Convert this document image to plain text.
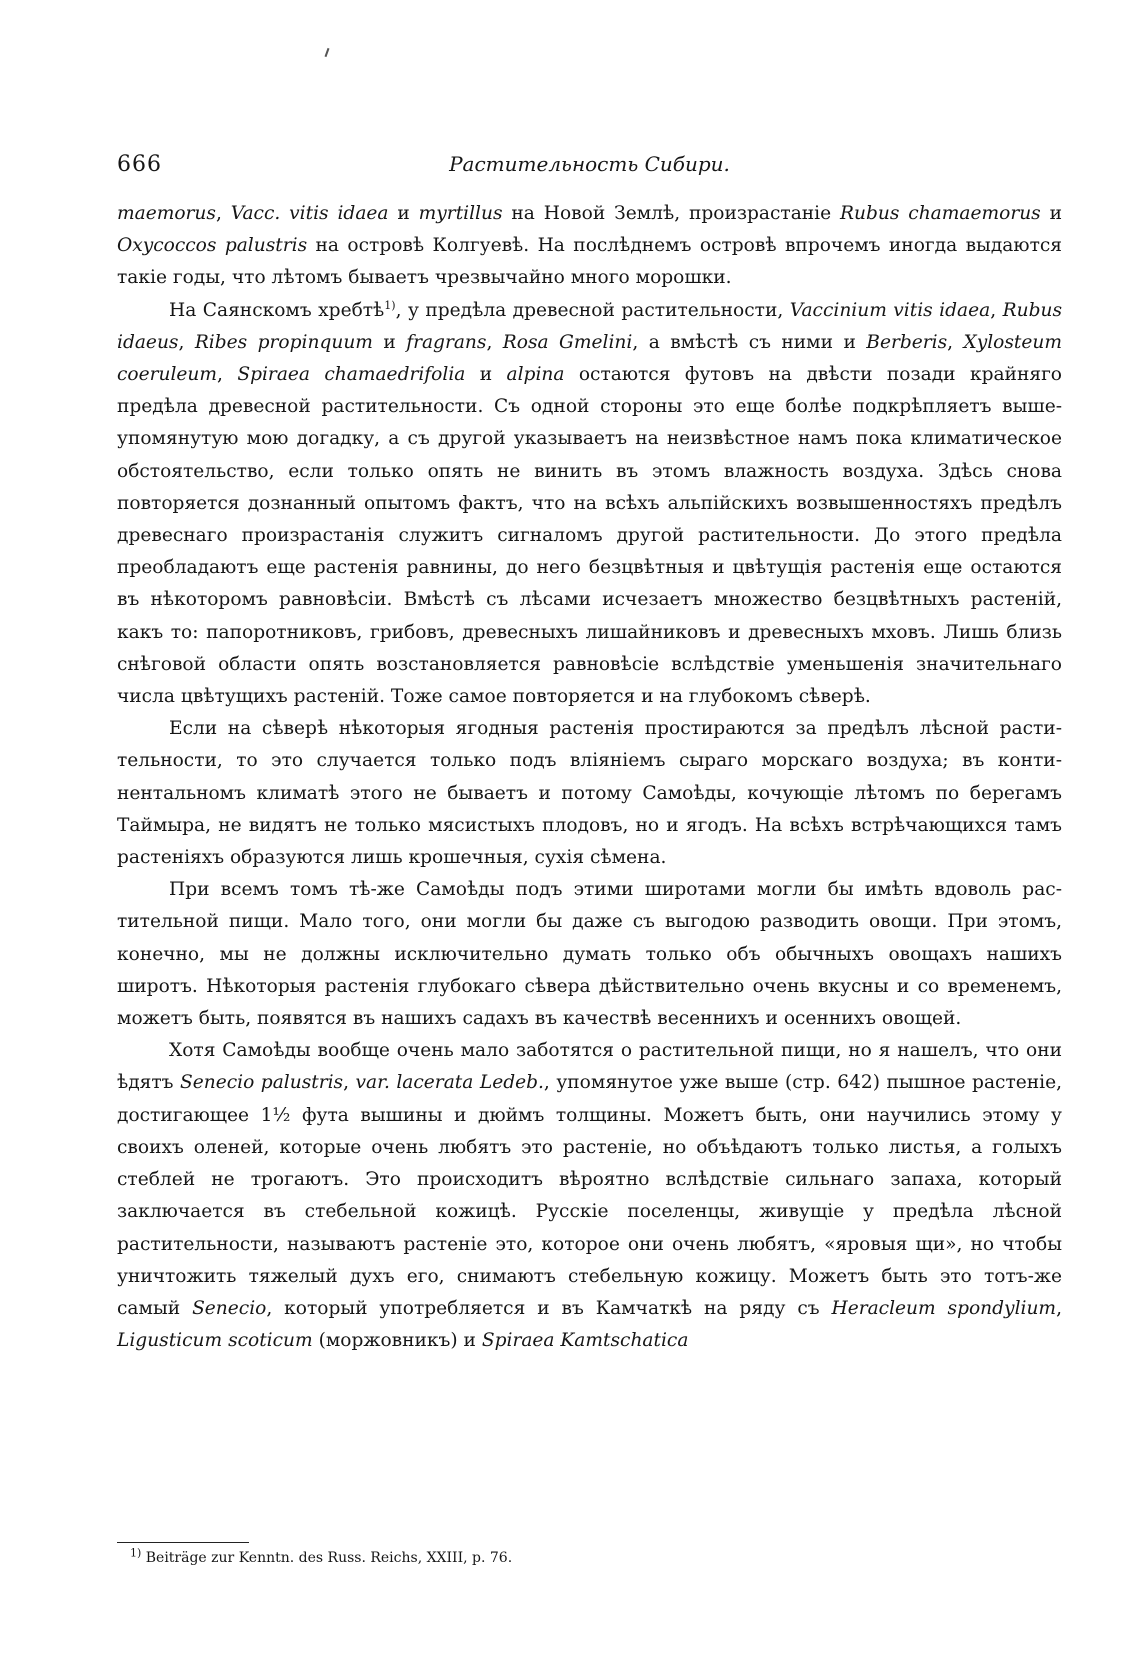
666	Растительность Сибири.

maemorus, Vacc. vitis idaea и myrtillus на Новой Землѣ, произрастаніе Rubus chamaemorus и Oxycoccos palustris на островѣ Колгуевѣ. На послѣднемъ островѣ впрочемъ иногда выдаются такіе годы, что лѣтомъ бываетъ чрезвычайно много морошки.

На Саянскомъ хребтѣ$^{1)}$, у предѣла древесной растительности, Vaccinium vitis idaea, Rubus idaeus, Ribes propinquum и fragrans, Rosa Gmelini, а вмѣстѣ съ ними и Berberis, Xylosteum coeruleum, Spiraea chamaedrifolia и alpina остаются футовъ на двѣсти позади крайняго предѣла древесной растительности. Съ одной стороны это еще болѣе подкрѣпляетъ вышеупомянутую мою догадку, а съ другой указываетъ на неизвѣстное намъ пока климатическое обстоятельство, если только опять не винить въ этомъ влажность воздуха. Здѣсь снова повторяется дознанный опытомъ фактъ, что на всѣхъ альпійскихъ возвышенностяхъ предѣлъ древеснаго произрастанія служитъ сигналомъ другой растительности. До этого предѣла преобладаютъ еще растенія равнины, до него безцвѣтныя и цвѣтущія растенія еще остаются въ нѣкоторомъ равновѣсіи. Вмѣстѣ съ лѣсами исчезаетъ множество безцвѣтныхъ растеній, какъ то: папоротниковъ, грибовъ, древесныхъ лишайниковъ и древесныхъ мховъ. Лишь близь снѣговой области опять возстановляется равновѣсіе вслѣдствіе уменьшенія значительнаго числа цвѣтущихъ растеній. Тоже самое повторяется и на глубокомъ сѣверѣ.

Если на сѣверѣ нѣкоторыя ягодныя растенія простираются за предѣлъ лѣсной растительности, то это случается только подъ вліяніемъ сыраго морскаго воздуха; въ континентальномъ климатѣ этого не бываетъ и потому Самоѣды, кочующіе лѣтомъ по берегамъ Таймыра, не видятъ не только мясистыхъ плодовъ, но и ягодъ. На всѣхъ встрѣчающихся тамъ растеніяхъ образуются лишь крошечныя, сухія сѣмена.

При всемъ томъ тѣ-же Самоѣды подъ этими широтами могли бы имѣть вдоволь растительной пищи. Мало того, они могли бы даже съ выгодою разводить овощи. При этомъ, конечно, мы не должны исключительно думать только объ обычныхъ овощахъ нашихъ широтъ. Нѣкоторыя растенія глубокаго сѣвера дѣйствительно очень вкусны и со временемъ, можетъ быть, появятся въ нашихъ садахъ въ качествѣ весеннихъ и осеннихъ овощей.

Хотя Самоѣды вообще очень мало заботятся о растительной пищи, но я нашелъ, что они ѣдятъ Senecio palustris, var. lacerata Ledeb., упомянутое уже выше (стр. 642) пышное растеніе, достигающее 1½ фута вышины и дюймъ толщины. Можетъ быть, они научились этому у своихъ оленей, которые очень любятъ это растеніе, но объѣдаютъ только листья, а голыхъ стеблей не трогаютъ. Это происходитъ вѣроятно вслѣдствіе сильнаго запаха, который заключается въ стебельной кожицѣ. Русскіе поселенцы, живущіе у предѣла лѣсной растительности, называютъ растеніе это, которое они очень любятъ, «яровыя щи», но чтобы уничтожить тяжелый духъ его, снимаютъ стебельную кожицу. Можетъ быть это тотъ-же самый Senecio, который употребляется и въ Камчаткѣ на ряду съ Heracleum spondylium, Ligusticum scoticum (моржовникъ) и Spiraea Kamtschatica

$^{1)}$ Beiträge zur Kenntn. des Russ. Reichs, XXIII, p. 76.
